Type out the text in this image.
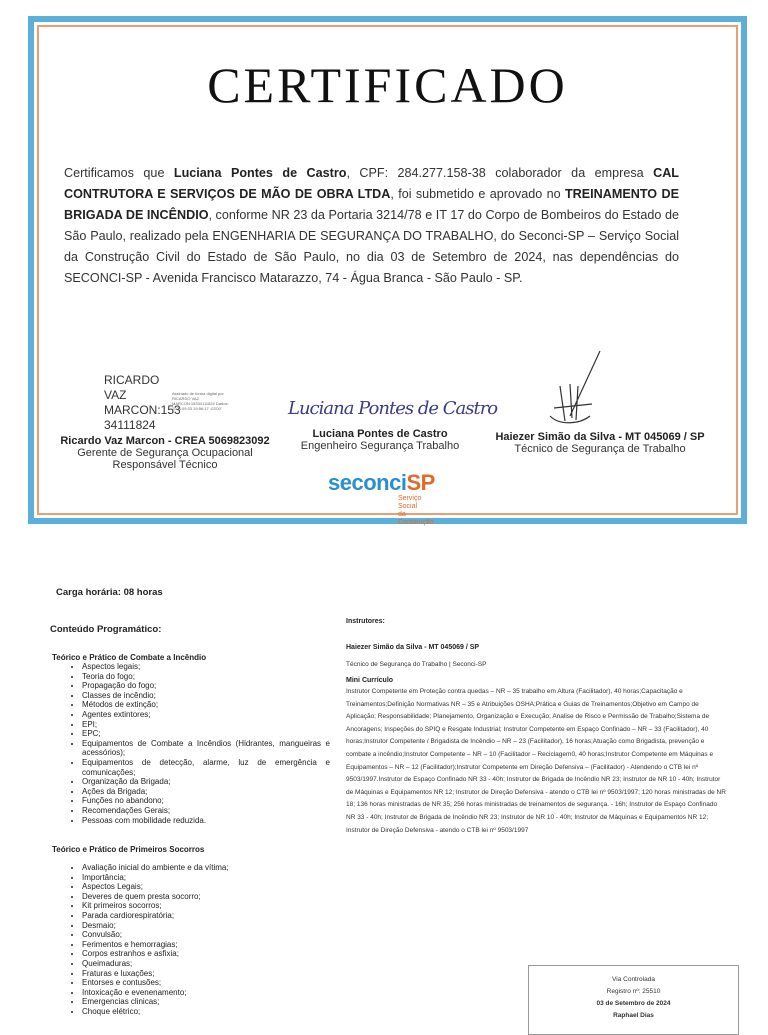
CERTIFICADO
Certificamos que Luciana Pontes de Castro, CPF: 284.277.158-38 colaborador da empresa CAL CONTRUTORA E SERVIÇOS DE MÃO DE OBRA LTDA, foi submetido e aprovado no TREINAMENTO DE BRIGADA DE INCÊNDIO, conforme NR 23 da Portaria 3214/78 e IT 17 do Corpo de Bombeiros do Estado de São Paulo, realizado pela ENGENHARIA DE SEGURANÇA DO TRABALHO, do Seconci-SP – Serviço Social da Construção Civil do Estado de São Paulo, no dia 03 de Setembro de 2024, nas dependências do SECONCI-SP - Avenida Francisco Matarazzo, 74 - Água Branca - São Paulo - SP.
RICARDO
VAZ
MARCON:153
34111824
Assinado de forma digital por RICARDO VAZ MARCON:15334111824 Dados: 2024.09.03 19:56:17 -03'00'
Ricardo Vaz Marcon - CREA 5069823092
Gerente de Segurança Ocupacional
Responsável Técnico
Luciana Pontes de Castro
Luciana Pontes de Castro
Engenheiro Segurança Trabalho
Haiezer Simão da Silva - MT 045069 / SP
Técnico de Segurança de Trabalho
seconciSP
Serviço Social
da Construção
Carga horária: 08 horas
Conteúdo Programático:
Teórico e Prático de Combate a Incêndio
• Aspectos legais;
• Teoria do fogo;
• Propagação do fogo;
• Classes de incêndio;
• Métodos de extinção;
• Agentes extintores;
• EPI;
• EPC;
• Equipamentos de Combate a Incêndios (Hidrantes, mangueiras e acessórios);
• Equipamentos de detecção, alarme, luz de emergência e comunicações;
• Organização da Brigada;
• Ações da Brigada;
• Funções no abandono;
• Recomendações Gerais;
• Pessoas com mobilidade reduzida.
Teórico e Prático de Primeiros Socorros
• Avaliação inicial do ambiente e da vítima;
• Importância;
• Aspectos Legais;
• Deveres de quem presta socorro;
• Kit primeiros socorros;
• Parada cardiorespiratória;
• Desmaio;
• Convulsão;
• Ferimentos e hemorragias;
• Corpos estranhos e asfixia;
• Queimaduras;
• Fraturas e luxações;
• Entorses e contusões;
• Intoxicação e evenenamento;
• Emergencias clinicas;
• Choque elétrico;
Instrutores:
Haiezer Simão da Silva - MT 045069 / SP
Técnico de Segurança do Trabalho | Seconci-SP
Mini Currículo
Instrutor Competente em Proteção contra quedas – NR – 35 trabalho em Altura (Facilitador), 40 horas;Capacitação e Treinamentos;Definição Normativas NR – 35 e Atribuições OSHA;Prática e Guias de Treinamentos;Objetivo em Campo de Aplicação; Responsabilidade; Planejamento, Organização e Execução; Analise de Risco e Permissão de Trabalho;Sistema de Ancoragens; Inspeções do SPIQ e Resgate Industrial; Instrutor Competente em Espaço Confinado – NR – 33 (Facilitador), 40 horas;Instrutor Competente / Brigadista de Incêndio – NR – 23 (Facilitador), 16 horas;Atuação como Brigadista, prevenção e combate a incêndio;Instrutor Competente – NR – 10 (Facilitador – Reciclagem0, 40 horas;Instrutor Competente em Máquinas e Equipamentos – NR – 12 (Facilitador);Instrutor Competente em Direção Defensiva – (Facilitador) - Atendendo o CTB lei nº 9503/1997.Instrutor de Espaço Confinado NR 33 - 40h; Instrutor de Brigada de Incêndio NR 23; Instrutor de NR 10 - 40h; Instrutor de Máquinas e Equipamentos NR 12; Instrutor de Direção Defensiva - atendo o CTB lei nº 9503/1997; 120 horas ministradas de NR 18; 136 horas ministradas de NR 35; 256 horas ministradas de treinamentos de segurança. - 16h; Instrutor de Espaço Confinado NR 33 - 40h; Instrutor de Brigada de Incêndio NR 23; Instrutor de NR 10 - 40h; Instrutor de Máquinas e Equipamentos NR 12; Instrutor de Direção Defensiva - atendo o CTB lei nº 9503/1997
Via Controlada
Registro nº: 25510
03 de Setembro de 2024
Raphael Dias
